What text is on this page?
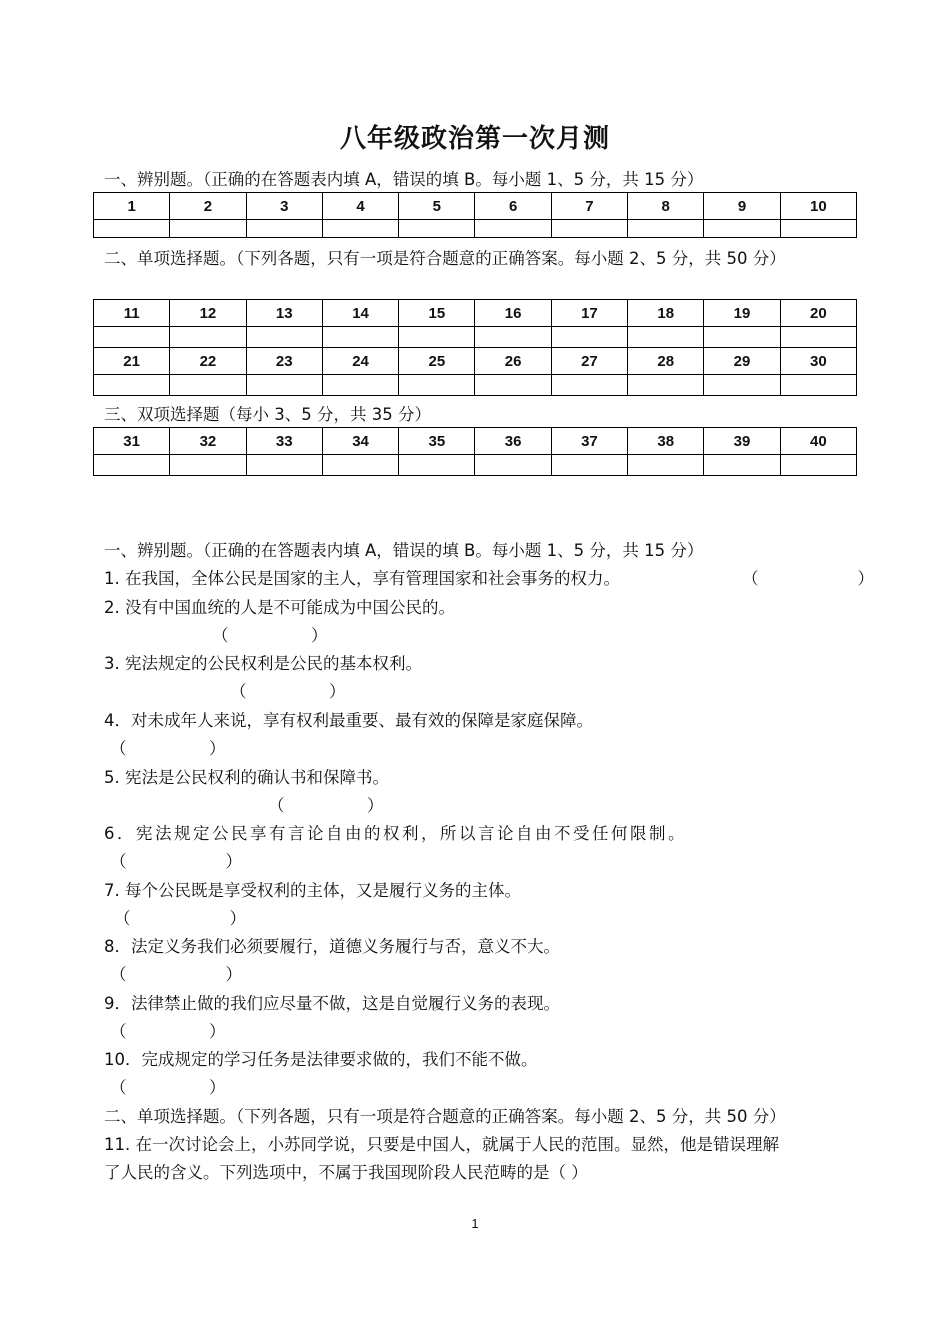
八年级政治第一次月测
一、辨别题。（正确的在答题表内填 A，错误的填 B。每小题 1、5 分，共 15 分）
1	2	3	4	5	6	7	8	9	10

二、单项选择题。（下列各题，只有一项是符合题意的正确答案。每小题 2、5 分，共 50 分）
11	12	13	14	15	16	17	18	19	20

21	22	23	24	25	26	27	28	29	30

三、双项选择题（每小 3、5 分，共 35 分）
31	32	33	34	35	36	37	38	39	40

一、辨别题。（正确的在答题表内填 A，错误的填 B。每小题 1、5 分，共 15 分）
1. 在我国，全体公民是国家的主人，享有管理国家和社会事务的权力。	（　　　　　　）
2. 没有中国血统的人是不可能成为中国公民的。
（　　　　　）
3. 宪法规定的公民权利是公民的基本权利。
（　　　　　）
4．对未成年人来说，享有权利最重要、最有效的保障是家庭保障。
（　　　　　）
5. 宪法是公民权利的确认书和保障书。
（　　　　　）
6．宪法规定公民享有言论自由的权利，所以言论自由不受任何限制。
（　　　　　　）
7. 每个公民既是享受权利的主体，又是履行义务的主体。
（　　　　　　）
8．法定义务我们必须要履行，道德义务履行与否，意义不大。
（　　　　　　）
9．法律禁止做的我们应尽量不做，这是自觉履行义务的表现。
（　　　　　）
10．完成规定的学习任务是法律要求做的，我们不能不做。
（　　　　　）
二、单项选择题。（下列各题，只有一项是符合题意的正确答案。每小题 2、5 分，共 50 分）
11. 在一次讨论会上，小苏同学说，只要是中国人，就属于人民的范围。显然，他是错误理解
了人民的含义。下列选项中，不属于我国现阶段人民范畴的是（ ）
1
